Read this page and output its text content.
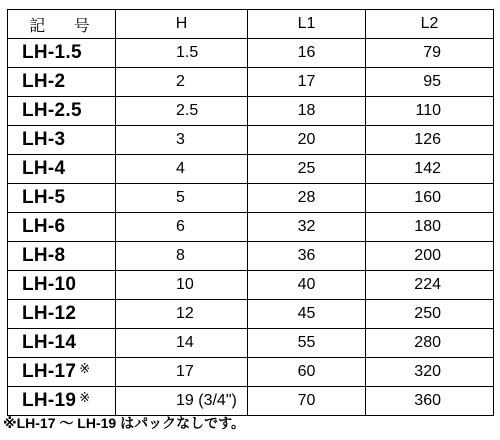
記 号	H	L1	L2
LH-1.5	1.5	16	79
LH-2	2	17	95
LH-2.5	2.5	18	110
LH-3	3	20	126
LH-4	4	25	142
LH-5	5	28	160
LH-6	6	32	180
LH-8	8	36	200
LH-10	10	40	224
LH-12	12	45	250
LH-14	14	55	280
LH-17 ※	17	60	320
LH-19 ※	19 (3/4")	70	360
※LH-17 ～ LH-19 はパックなしです。
